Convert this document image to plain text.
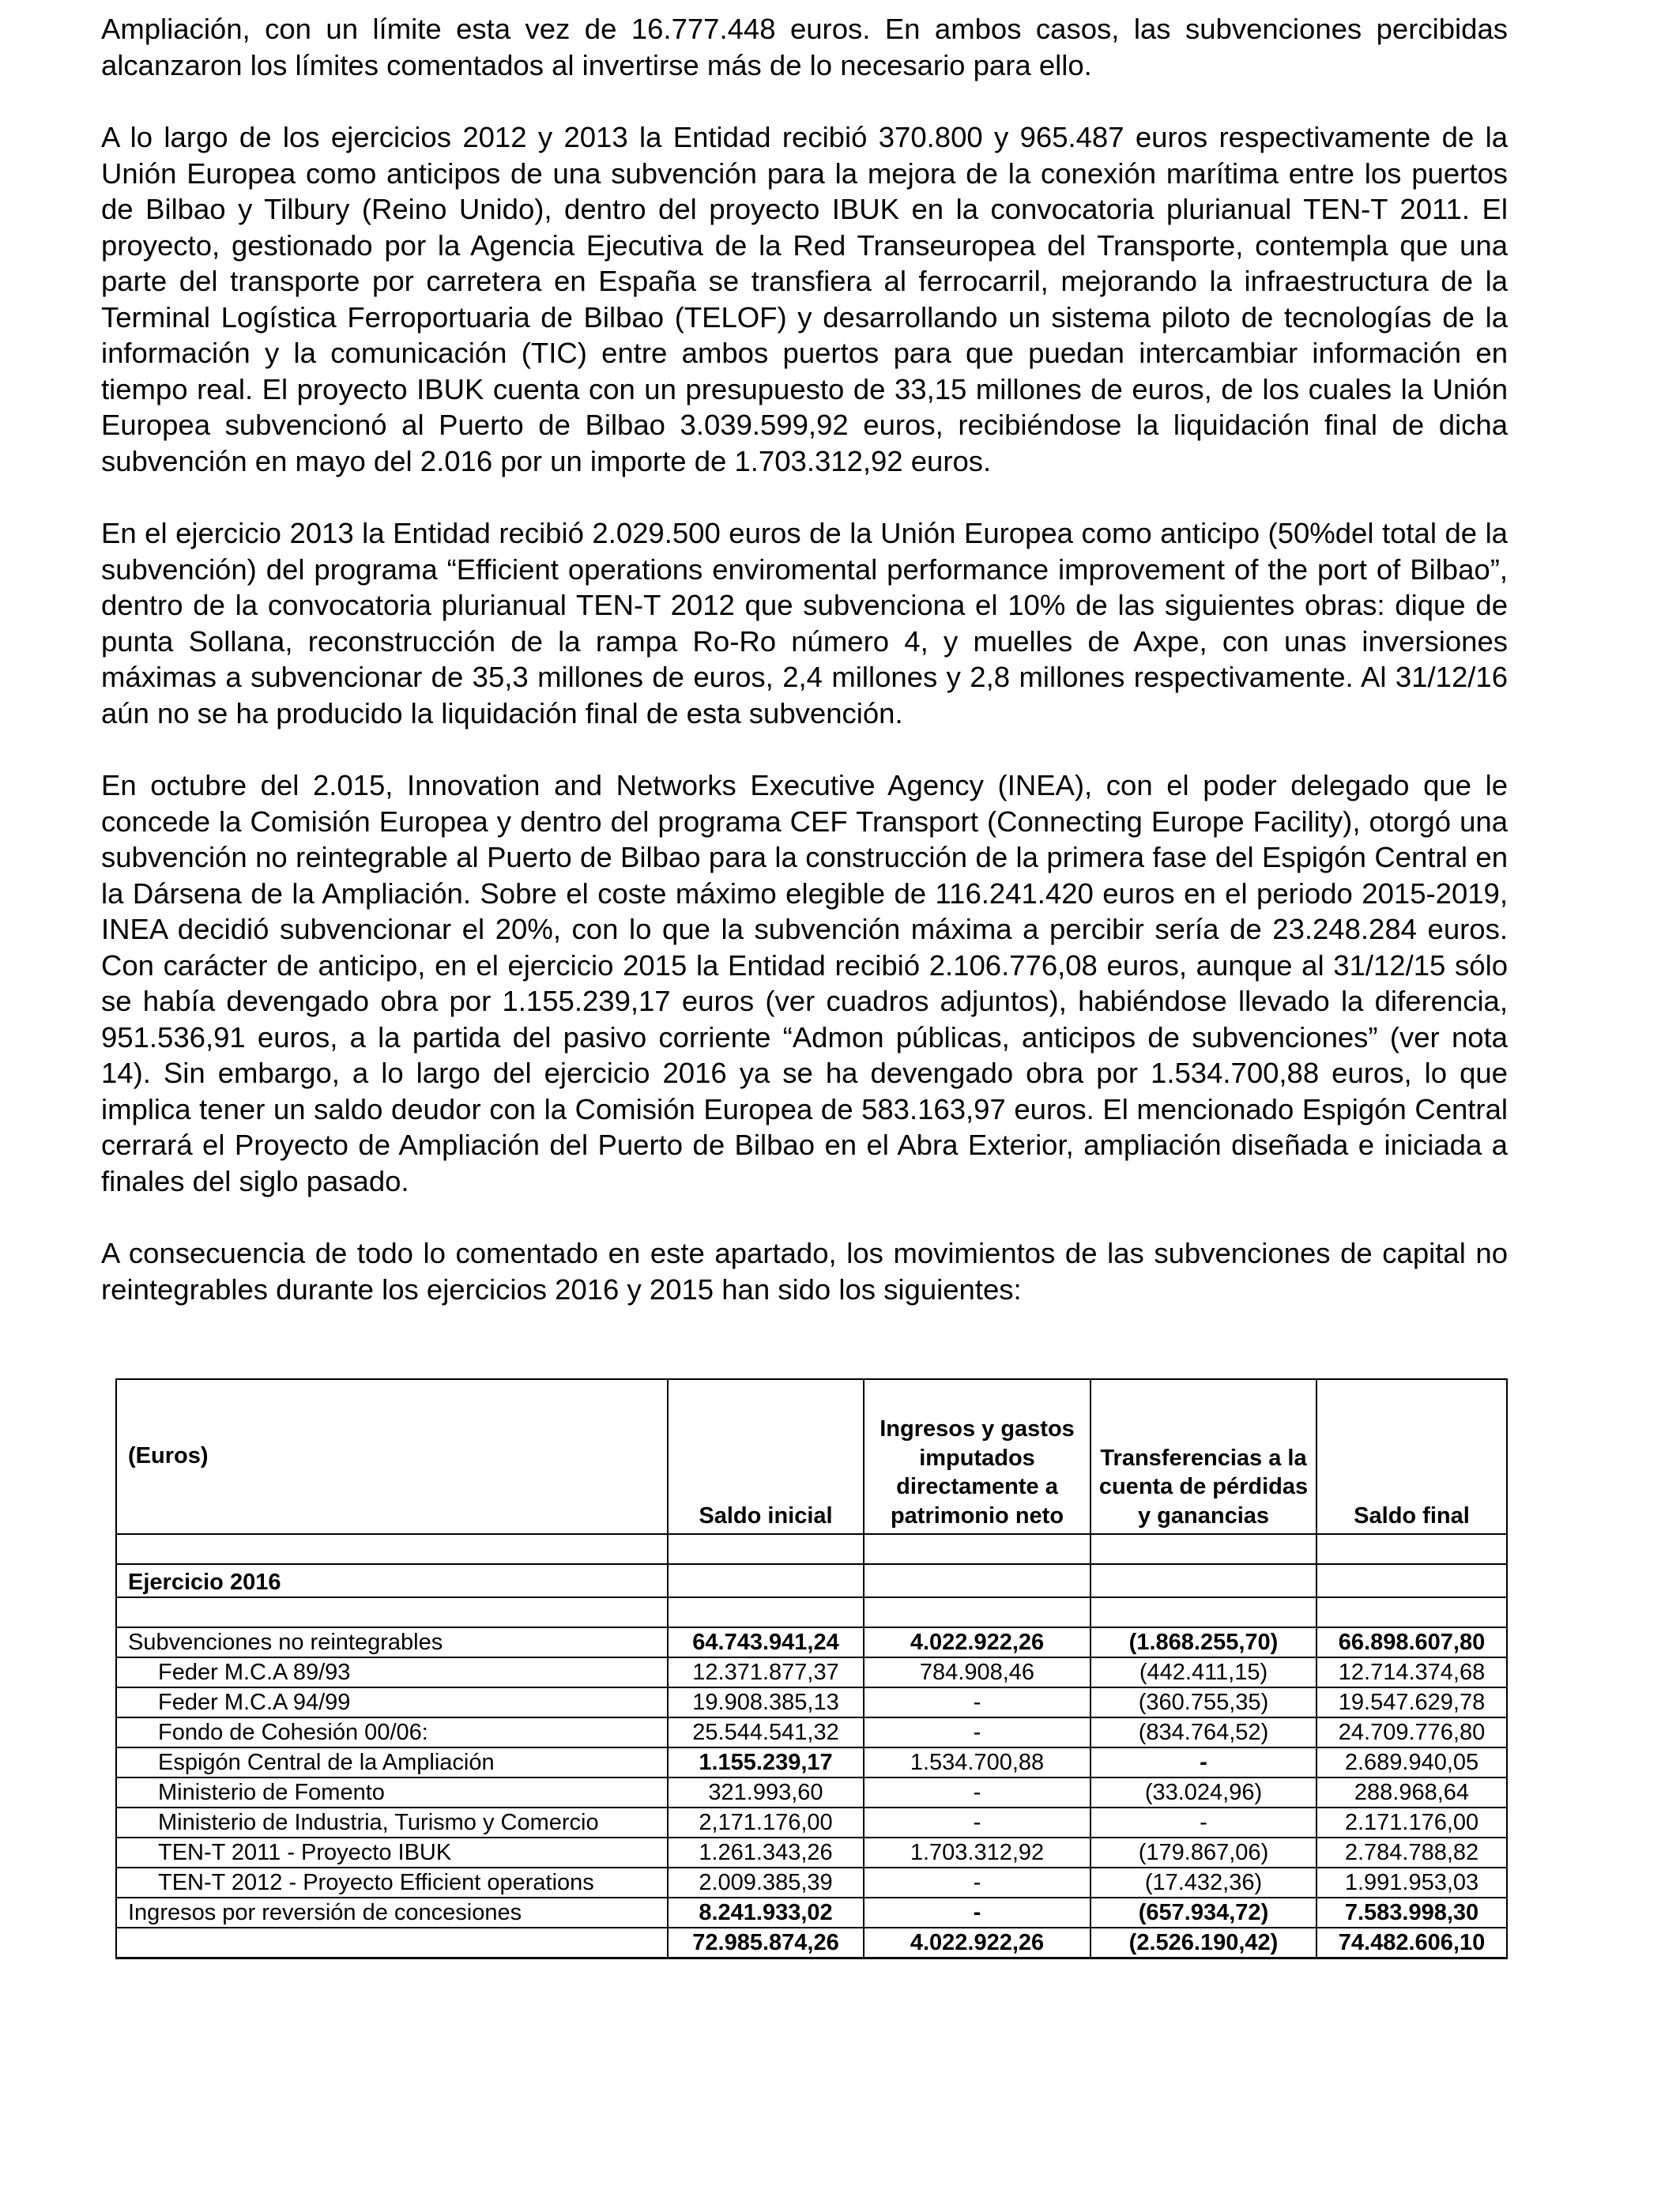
Ampliación, con un límite esta vez de 16.777.448 euros. En ambos casos, las subvenciones percibidas alcanzaron los límites comentados al invertirse más de lo necesario para ello.

A lo largo de los ejercicios 2012 y 2013 la Entidad recibió 370.800 y 965.487 euros respectivamente de la Unión Europea como anticipos de una subvención para la mejora de la conexión marítima entre los puertos de Bilbao y Tilbury (Reino Unido), dentro del proyecto IBUK en la convocatoria plurianual TEN-T 2011. El proyecto, gestionado por la Agencia Ejecutiva de la Red Transeuropea del Transporte, contempla que una parte del transporte por carretera en España se transfiera al ferrocarril, mejorando la infraestructura de la Terminal Logística Ferroportuaria de Bilbao (TELOF) y desarrollando un sistema piloto de tecnologías de la información y la comunicación (TIC) entre ambos puertos para que puedan intercambiar información en tiempo real. El proyecto IBUK cuenta con un presupuesto de 33,15 millones de euros, de los cuales la Unión Europea subvencionó al Puerto de Bilbao 3.039.599,92 euros, recibiéndose la liquidación final de dicha subvención en mayo del 2.016 por un importe de 1.703.312,92 euros.

En el ejercicio 2013 la Entidad recibió 2.029.500 euros de la Unión Europea como anticipo (50%del total de la subvención) del programa “Efficient operations enviromental performance improvement of the port of Bilbao”, dentro de la convocatoria plurianual TEN-T 2012 que subvenciona el 10% de las siguientes obras: dique de punta Sollana, reconstrucción de la rampa Ro-Ro número 4, y muelles de Axpe, con unas inversiones máximas a subvencionar de 35,3 millones de euros, 2,4 millones y 2,8 millones respectivamente. Al 31/12/16 aún no se ha producido la liquidación final de esta subvención.

En octubre del 2.015, Innovation and Networks Executive Agency (INEA), con el poder delegado que le concede la Comisión Europea y dentro del programa CEF Transport (Connecting Europe Facility), otorgó una subvención no reintegrable al Puerto de Bilbao para la construcción de la primera fase del Espigón Central en la Dársena de la Ampliación. Sobre el coste máximo elegible de 116.241.420 euros en el periodo 2015-2019, INEA decidió subvencionar el 20%, con lo que la subvención máxima a percibir sería de 23.248.284 euros. Con carácter de anticipo, en el ejercicio 2015 la Entidad recibió 2.106.776,08 euros, aunque al 31/12/15 sólo se había devengado obra por 1.155.239,17 euros (ver cuadros adjuntos), habiéndose llevado la diferencia, 951.536,91 euros, a la partida del pasivo corriente “Admon públicas, anticipos de subvenciones” (ver nota 14). Sin embargo, a lo largo del ejercicio 2016 ya se ha devengado obra por 1.534.700,88 euros, lo que implica tener un saldo deudor con la Comisión Europea de 583.163,97 euros. El mencionado Espigón Central cerrará el Proyecto de Ampliación del Puerto de Bilbao en el Abra Exterior, ampliación diseñada e iniciada a finales del siglo pasado.

A consecuencia de todo lo comentado en este apartado, los movimientos de las subvenciones de capital no reintegrables durante los ejercicios 2016 y 2015 han sido los siguientes:

(Euros)	Saldo inicial	Ingresos y gastos imputados directamente a patrimonio neto	Transferencias a la cuenta de pérdidas y ganancias	Saldo final

Ejercicio 2016				

Subvenciones no reintegrables	64.743.941,24	4.022.922,26	(1.868.255,70)	66.898.607,80
Feder M.C.A 89/93	12.371.877,37	784.908,46	(442.411,15)	12.714.374,68
Feder M.C.A 94/99	19.908.385,13	-	(360.755,35)	19.547.629,78
Fondo de Cohesión 00/06:	25.544.541,32	-	(834.764,52)	24.709.776,80
Espigón Central de la Ampliación	1.155.239,17	1.534.700,88	-	2.689.940,05
Ministerio de Fomento	321.993,60	-	(33.024,96)	288.968,64
Ministerio de Industria, Turismo y Comercio	2,171.176,00	-	-	2.171.176,00
TEN-T 2011 - Proyecto IBUK	1.261.343,26	1.703.312,92	(179.867,06)	2.784.788,82
TEN-T 2012 - Proyecto Efficient operations	2.009.385,39	-	(17.432,36)	1.991.953,03
Ingresos por reversión de concesiones	8.241.933,02	-	(657.934,72)	7.583.998,30
	72.985.874,26	4.022.922,26	(2.526.190,42)	74.482.606,10
